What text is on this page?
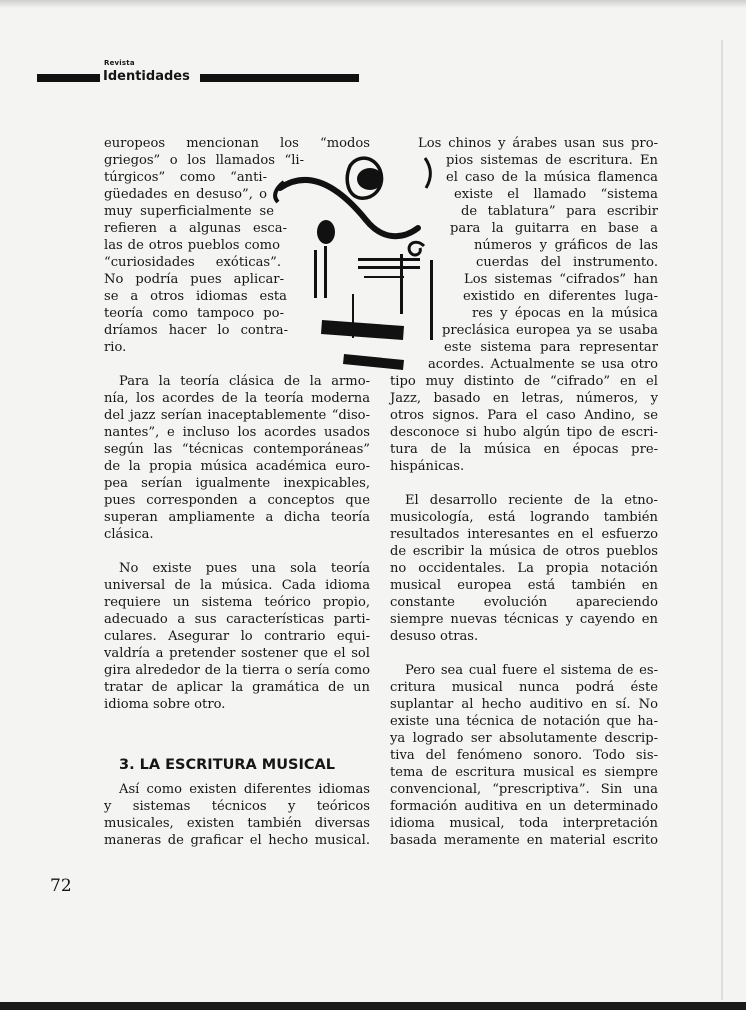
Revista
Identidades
europeos mencionan los “modos
griegos” o los llamados “li-
túrgicos” como “anti-
güedades en desuso”, o
muy superficialmente se
refieren a algunas esca-
las de otros pueblos como
“curiosidades exóticas”.
No podría pues aplicar-
se a otros idiomas esta
teoría como tampoco po-
dríamos hacer lo contra-
rio.
Para la teoría clásica de la armo-
nía, los acordes de la teoría moderna
del jazz serían inaceptablemente “diso-
nantes”, e incluso los acordes usados
según las “técnicas contemporáneas”
de la propia música académica euro-
pea serían igualmente inexpicables,
pues corresponden a conceptos que
superan ampliamente a dicha teoría
clásica.
No existe pues una sola teoría
universal de la música. Cada idioma
requiere un sistema teórico propio,
adecuado a sus características parti-
culares. Asegurar lo contrario equi-
valdría a pretender sostener que el sol
gira alrededor de la tierra o sería como
tratar de aplicar la gramática de un
idioma sobre otro.
Así como existen diferentes idiomas
y sistemas técnicos y teóricos
musicales, existen también diversas
maneras de graficar el hecho musical.
Los chinos y árabes usan sus pro-
pios sistemas de escritura. En
el caso de la música flamenca
existe el llamado “sistema
de tablatura” para escribir
para la guitarra en base a
números y gráficos de las
cuerdas del instrumento.
Los sistemas “cifrados” han
existido en diferentes luga-
res y épocas en la música
preclásica europea ya se usaba
este sistema para representar
acordes. Actualmente se usa otro
tipo muy distinto de “cifrado” en el
Jazz, basado en letras, números, y
otros signos. Para el caso Andino, se
desconoce si hubo algún tipo de escri-
tura de la música en épocas pre-
hispánicas.
El desarrollo reciente de la etno-
musicología, está logrando también
resultados interesantes en el esfuerzo
de escribir la música de otros pueblos
no occidentales. La propia notación
musical europea está también en
constante evolución apareciendo
siempre nuevas técnicas y cayendo en
desuso otras.
Pero sea cual fuere el sistema de es-
critura musical nunca podrá éste
suplantar al hecho auditivo en sí. No
existe una técnica de notación que ha-
ya logrado ser absolutamente descrip-
tiva del fenómeno sonoro. Todo sis-
tema de escritura musical es siempre
convencional, “prescriptiva”. Sin una
formación auditiva en un determinado
idioma musical, toda interpretación
basada meramente en material escrito
3. LA ESCRITURA MUSICAL
72
